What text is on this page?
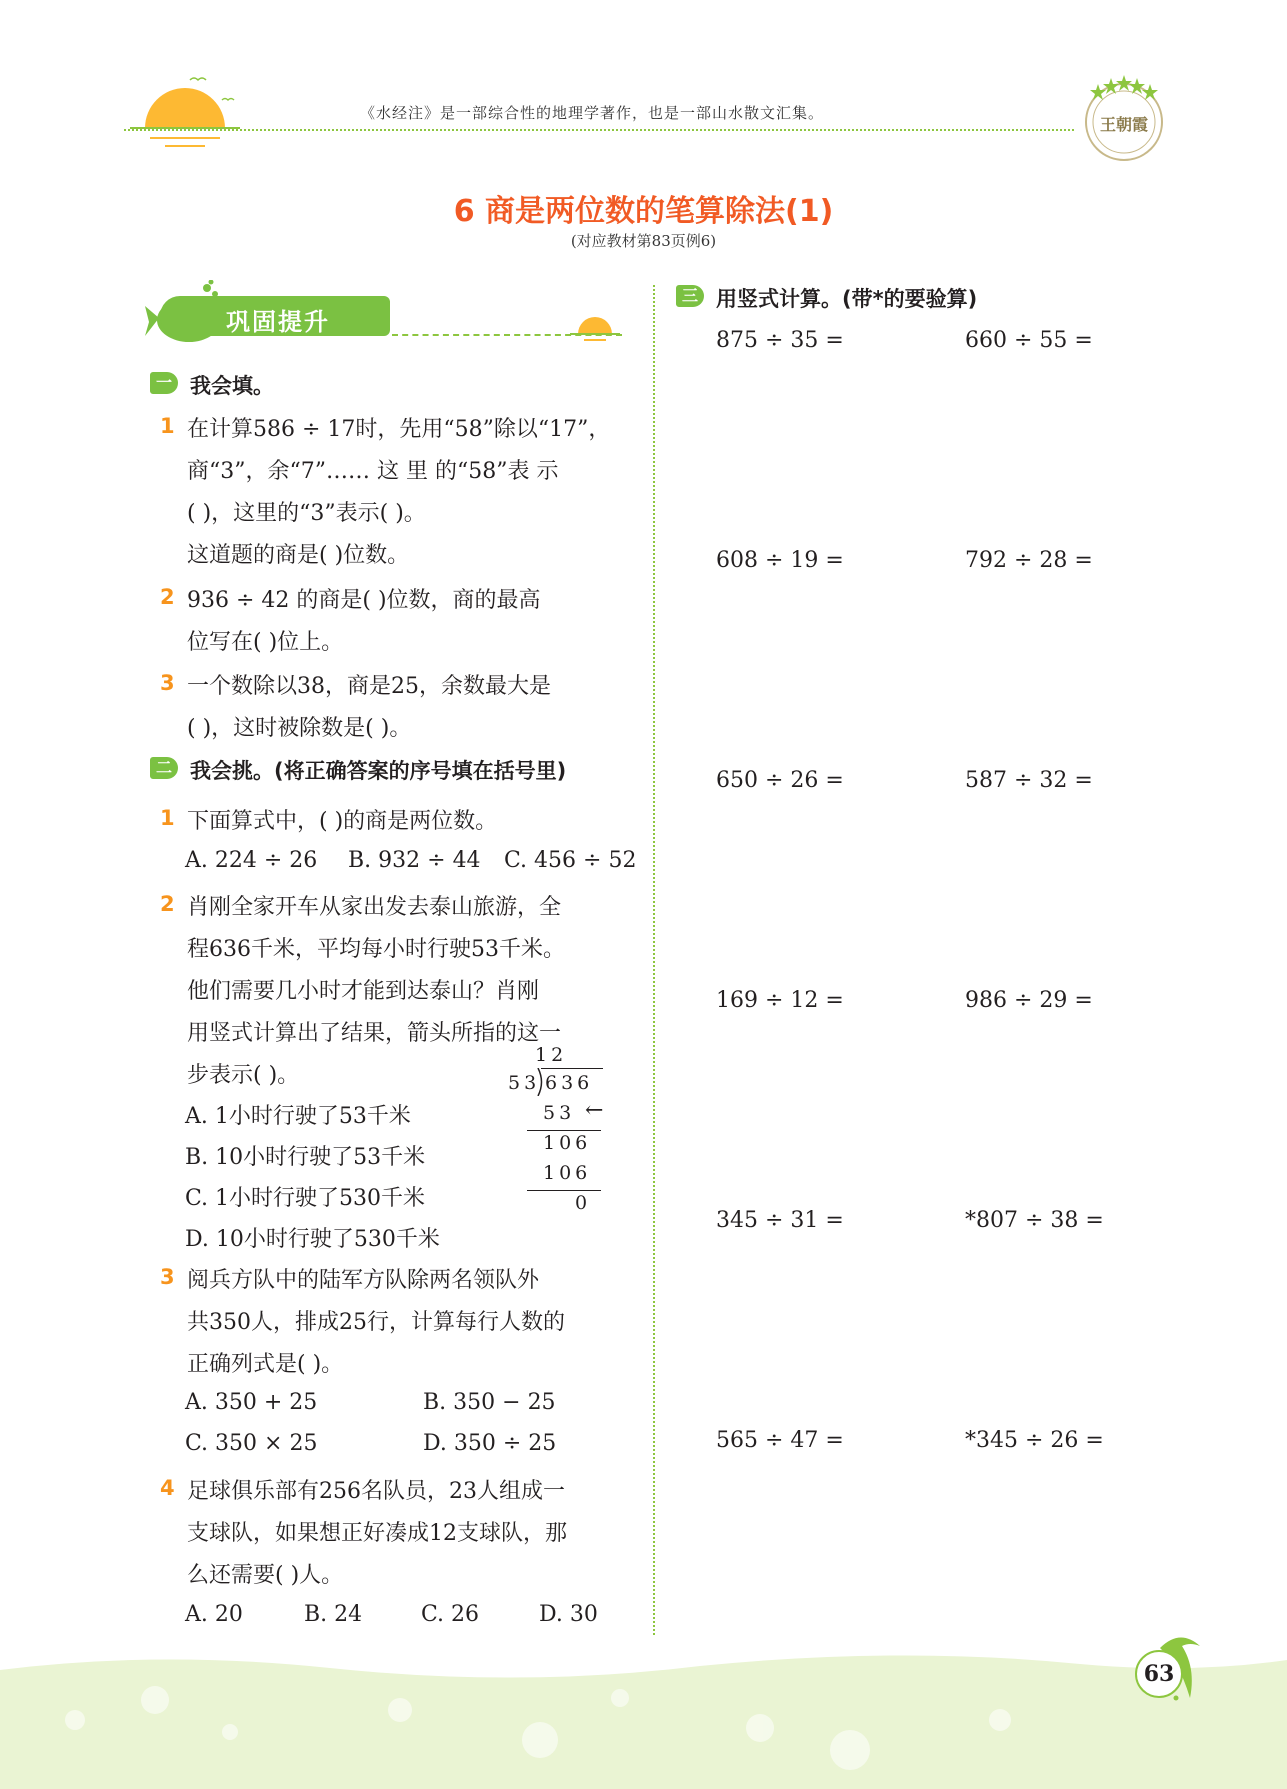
《水经注》是一部综合性的地理学著作，也是一部山水散文汇集。
王朝霞
6 商是两位数的笔算除法(1)
(对应教材第83页例6)
巩固提升
一 我会填。
1 在计算586 ÷ 17时，先用“58”除以“17”，
商“3”，余“7”…… 这 里 的“58”表 示
( )，这里的“3”表示( )。
这道题的商是( )位数。
2 936 ÷ 42 的商是( )位数，商的最高
位写在( )位上。
3 一个数除以38，商是25，余数最大是
( )，这时被除数是( )。
二 我会挑。(将正确答案的序号填在括号里)
1 下面算式中，( )的商是两位数。
A. 224 ÷ 26 B. 932 ÷ 44 C. 456 ÷ 52
2 肖刚全家开车从家出发去泰山旅游，全
程636千米，平均每小时行驶53千米。
他们需要几小时才能到达泰山？肖刚
用竖式计算出了结果，箭头所指的这一
步表示( )。
A. 1小时行驶了53千米
B. 10小时行驶了53千米
C. 1小时行驶了530千米
D. 10小时行驶了530千米
12
53 636
53 ←
106
106
0
3 阅兵方队中的陆军方队除两名领队外
共350人，排成25行，计算每行人数的
正确列式是( )。
A. 350 + 25	B. 350 − 25
C. 350 × 25	D. 350 ÷ 25
4 足球俱乐部有256名队员，23人组成一
支球队，如果想正好凑成12支球队，那
么还需要( )人。
A. 20	B. 24	C. 26	D. 30
三 用竖式计算。(带*的要验算)
875 ÷ 35 =	660 ÷ 55 =
608 ÷ 19 =	792 ÷ 28 =
650 ÷ 26 =	587 ÷ 32 =
169 ÷ 12 =	986 ÷ 29 =
345 ÷ 31 =	*807 ÷ 38 =
565 ÷ 47 =	*345 ÷ 26 =
63
